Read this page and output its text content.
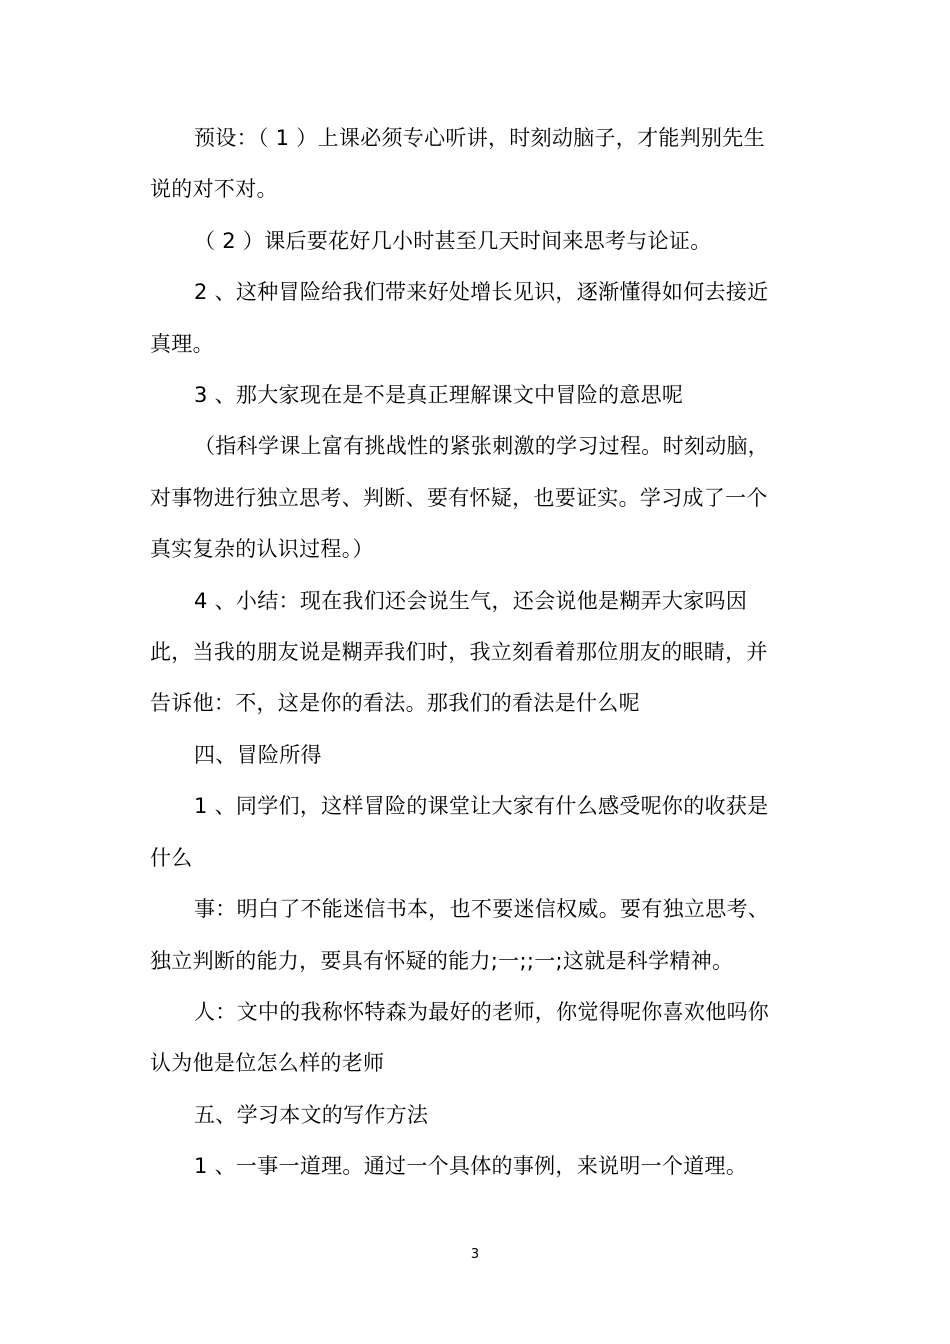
预设：（ 1 ）上课必须专心听讲，时刻动脑子，才能判别先生
说的对不对。
（ 2 ）课后要花好几小时甚至几天时间来思考与论证。
2 、这种冒险给我们带来好处增长见识，逐渐懂得如何去接近
真理。
3 、那大家现在是不是真正理解课文中冒险的意思呢
（指科学课上富有挑战性的紧张刺激的学习过程。时刻动脑，
对事物进行独立思考、判断、要有怀疑，也要证实。学习成了一个
真实复杂的认识过程。）
4 、小结：现在我们还会说生气，还会说他是糊弄大家吗因
此，当我的朋友说是糊弄我们时，我立刻看着那位朋友的眼睛，并
告诉他：不，这是你的看法。那我们的看法是什么呢
四、冒险所得
1 、同学们，这样冒险的课堂让大家有什么感受呢你的收获是
什么
事：明白了不能迷信书本，也不要迷信权威。要有独立思考、
独立判断的能力，要具有怀疑的能力;一;;一;这就是科学精神。
人：文中的我称怀特森为最好的老师，你觉得呢你喜欢他吗你
认为他是位怎么样的老师
五、学习本文的写作方法
1 、一事一道理。通过一个具体的事例，来说明一个道理。
3
